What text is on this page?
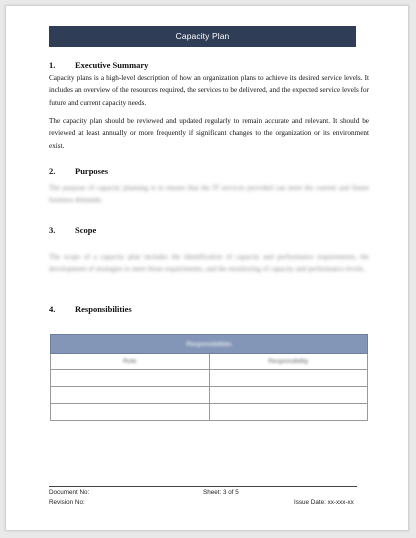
Capacity Plan
1. Executive Summary

Capacity plans is a high-level description of how an organization plans to achieve its desired service levels. It includes an overview of the resources required, the services to be delivered, and the expected service levels for future and current capacity needs.

The capacity plan should be reviewed and updated regularly to remain accurate and relevant. It should be reviewed at least annually or more frequently if significant changes to the organization or its environment exist.

2. Purposes

The purpose of capacity planning is to ensure that the IT services provided can meet the current and future business demands.

3. Scope

The scope of a capacity plan includes the identification of capacity and performance requirements, the development of strategies to meet those requirements, and the monitoring of capacity and performance levels.

4. Responsibilities
Responsibilities	
Role	Responsibility

Document No:
Revision No:
Sheet: 3 of 5
Issue Date: xx-xxx-xx
